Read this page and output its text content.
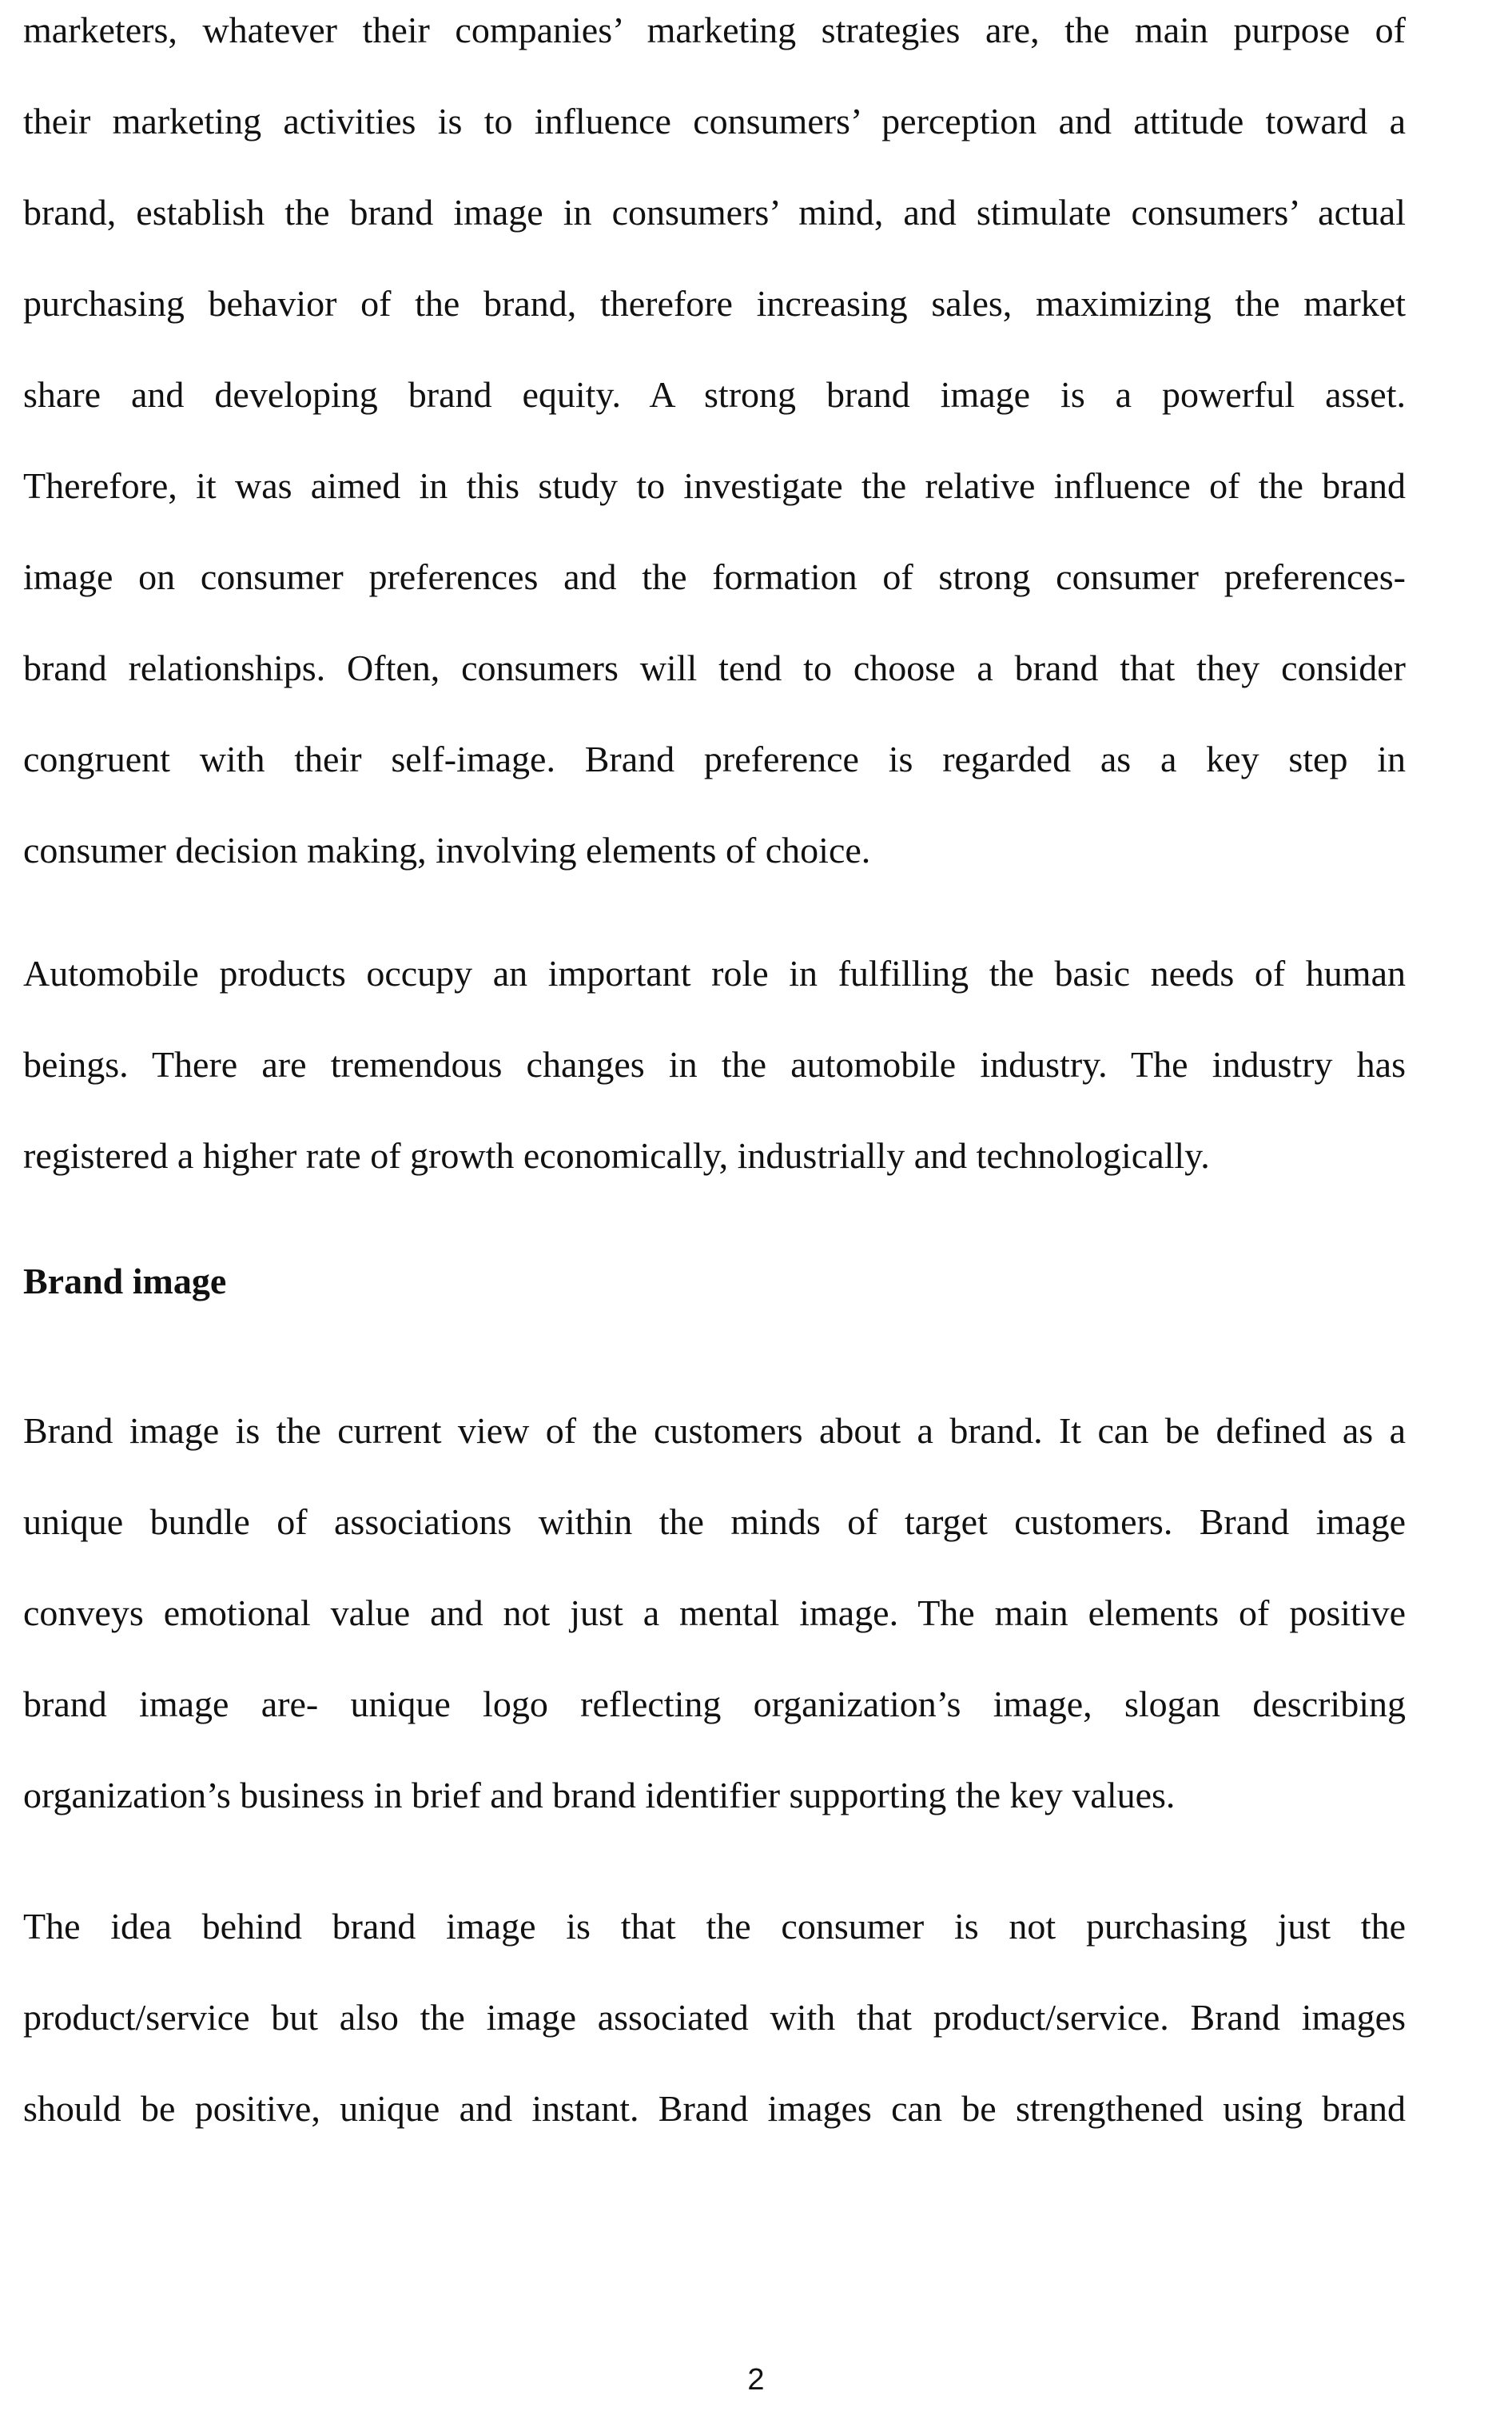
marketers, whatever their companies’ marketing strategies are, the main purpose of

their marketing activities is to influence consumers’ perception and attitude toward a

brand, establish the brand image in consumers’ mind, and stimulate consumers’ actual

purchasing behavior of the brand, therefore increasing sales, maximizing the market

share and developing brand equity. A strong brand image is a powerful asset.

Therefore, it was aimed in this study to investigate the relative influence of the brand

image on consumer preferences and the formation of strong consumer preferences-

brand relationships. Often, consumers will tend to choose a brand that they consider

congruent with their self-image. Brand preference is regarded as a key step in

consumer decision making, involving elements of choice.

Automobile products occupy an important role in fulfilling the basic needs of human

beings. There are tremendous changes in the automobile industry. The industry has

registered a higher rate of growth economically, industrially and technologically.

Brand image

Brand image is the current view of the customers about a brand. It can be defined as a

unique bundle of associations within the minds of target customers. Brand image

conveys emotional value and not just a mental image. The main elements of positive

brand image are- unique logo reflecting organization’s image, slogan describing

organization’s business in brief and brand identifier supporting the key values.

The idea behind brand image is that the consumer is not purchasing just the

product/service but also the image associated with that product/service. Brand images

should be positive, unique and instant. Brand images can be strengthened using brand

2
